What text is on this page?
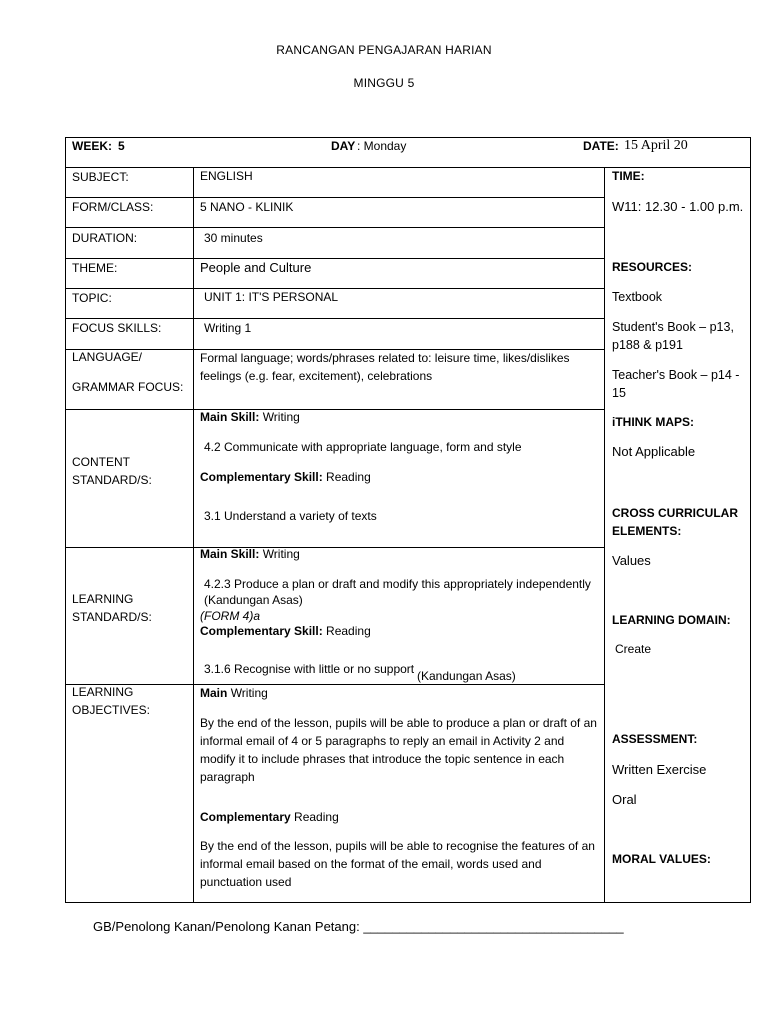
RANCANGAN PENGAJARAN HARIAN
MINGGU 5
WEEK: 5	DAY : Monday	DATE: 15 April 20
SUBJECT:
FORM/CLASS:
DURATION:
THEME:
TOPIC:
FOCUS SKILLS:
LANGUAGE/
GRAMMAR FOCUS:
CONTENT
STANDARD/S:
LEARNING
STANDARD/S:
LEARNING
OBJECTIVES:
ENGLISH
5 NANO - KLINIK
30 minutes
People and Culture
UNIT 1: IT'S PERSONAL
Writing 1
Formal language; words/phrases related to: leisure time, likes/dislikes feelings (e.g. fear, excitement), celebrations
Main Skill: Writing
4.2 Communicate with appropriate language, form and style
Complementary Skill: Reading
3.1 Understand a variety of texts
Main Skill: Writing
4.2.3 Produce a plan or draft and modify this appropriately independently
(Kandungan Asas)
(FORM 4)a
Complementary Skill: Reading
3.1.6 Recognise with little or no support (Kandungan Asas)
Main Writing
By the end of the lesson, pupils will be able to produce a plan or draft of an informal email of 4 or 5 paragraphs to reply an email in Activity 2 and modify it to include phrases that introduce the topic sentence in each paragraph
Complementary Reading
By the end of the lesson, pupils will be able to recognise the features of an informal email based on the format of the email, words used and punctuation used
TIME:
W11: 12.30 - 1.00 p.m.
RESOURCES:
Textbook
Student's Book – p13, p188 & p191
Teacher's Book – p14 - 15
iTHINK MAPS:
Not Applicable
CROSS CURRICULAR ELEMENTS:
Values
LEARNING DOMAIN:
Create
ASSESSMENT:
Written Exercise
Oral
MORAL VALUES:
GB/Penolong Kanan/Penolong Kanan Petang: ____________________________________
